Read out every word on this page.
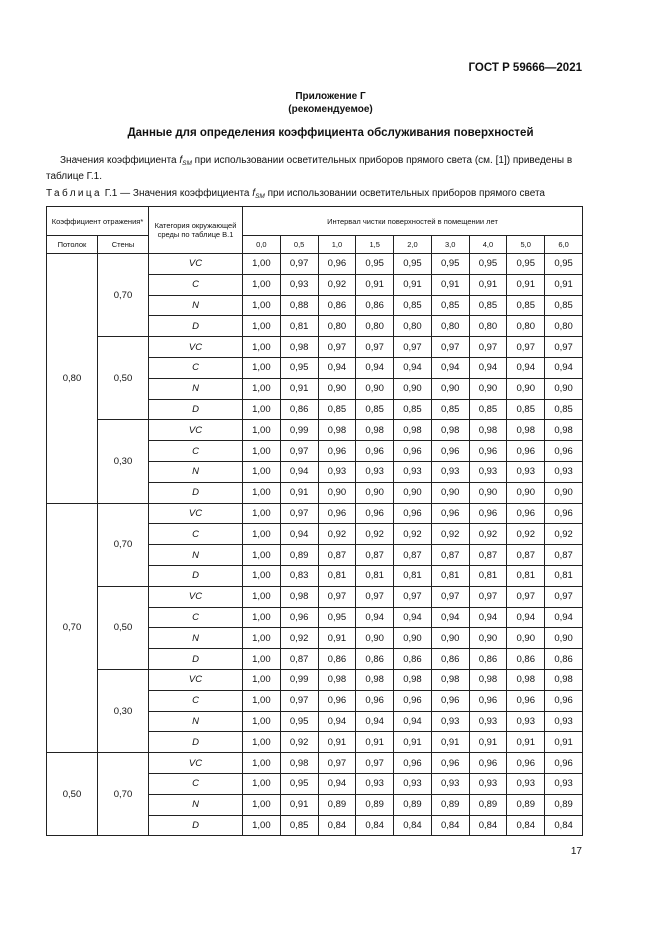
ГОСТ Р 59666—2021
Приложение Г
(рекомендуемое)
Данные для определения коэффициента обслуживания поверхностей
Значения коэффициента $f_{SM}$ при использовании осветительных приборов прямого света (см. [1]) приведены в таблице Г.1.
Таблица Г.1 — Значения коэффициента $f_{SM}$ при использовании осветительных приборов прямого света
Коэффициент отражения*		Категория окружающей среды по таблице В.1	Интервал чистки поверхностей в помещении лет								
Потолок	Стены		0,0	0,5	1,0	1,5	2,0	3,0	4,0	5,0	6,0
0,80	0,70	VC	1,00	0,97	0,96	0,95	0,95	0,95	0,95	0,95	0,95
		C	1,00	0,93	0,92	0,91	0,91	0,91	0,91	0,91	0,91
		N	1,00	0,88	0,86	0,86	0,85	0,85	0,85	0,85	0,85
		D	1,00	0,81	0,80	0,80	0,80	0,80	0,80	0,80	0,80
	0,50	VC	1,00	0,98	0,97	0,97	0,97	0,97	0,97	0,97	0,97
		C	1,00	0,95	0,94	0,94	0,94	0,94	0,94	0,94	0,94
		N	1,00	0,91	0,90	0,90	0,90	0,90	0,90	0,90	0,90
		D	1,00	0,86	0,85	0,85	0,85	0,85	0,85	0,85	0,85
	0,30	VC	1,00	0,99	0,98	0,98	0,98	0,98	0,98	0,98	0,98
		C	1,00	0,97	0,96	0,96	0,96	0,96	0,96	0,96	0,96
		N	1,00	0,94	0,93	0,93	0,93	0,93	0,93	0,93	0,93
		D	1,00	0,91	0,90	0,90	0,90	0,90	0,90	0,90	0,90
0,70	0,70	VC	1,00	0,97	0,96	0,96	0,96	0,96	0,96	0,96	0,96
		C	1,00	0,94	0,92	0,92	0,92	0,92	0,92	0,92	0,92
		N	1,00	0,89	0,87	0,87	0,87	0,87	0,87	0,87	0,87
		D	1,00	0,83	0,81	0,81	0,81	0,81	0,81	0,81	0,81
	0,50	VC	1,00	0,98	0,97	0,97	0,97	0,97	0,97	0,97	0,97
		C	1,00	0,96	0,95	0,94	0,94	0,94	0,94	0,94	0,94
		N	1,00	0,92	0,91	0,90	0,90	0,90	0,90	0,90	0,90
		D	1,00	0,87	0,86	0,86	0,86	0,86	0,86	0,86	0,86
	0,30	VC	1,00	0,99	0,98	0,98	0,98	0,98	0,98	0,98	0,98
		C	1,00	0,97	0,96	0,96	0,96	0,96	0,96	0,96	0,96
		N	1,00	0,95	0,94	0,94	0,94	0,93	0,93	0,93	0,93
		D	1,00	0,92	0,91	0,91	0,91	0,91	0,91	0,91	0,91
0,50	0,70	VC	1,00	0,98	0,97	0,97	0,96	0,96	0,96	0,96	0,96
		C	1,00	0,95	0,94	0,93	0,93	0,93	0,93	0,93	0,93
		N	1,00	0,91	0,89	0,89	0,89	0,89	0,89	0,89	0,89
		D	1,00	0,85	0,84	0,84	0,84	0,84	0,84	0,84	0,84
17
